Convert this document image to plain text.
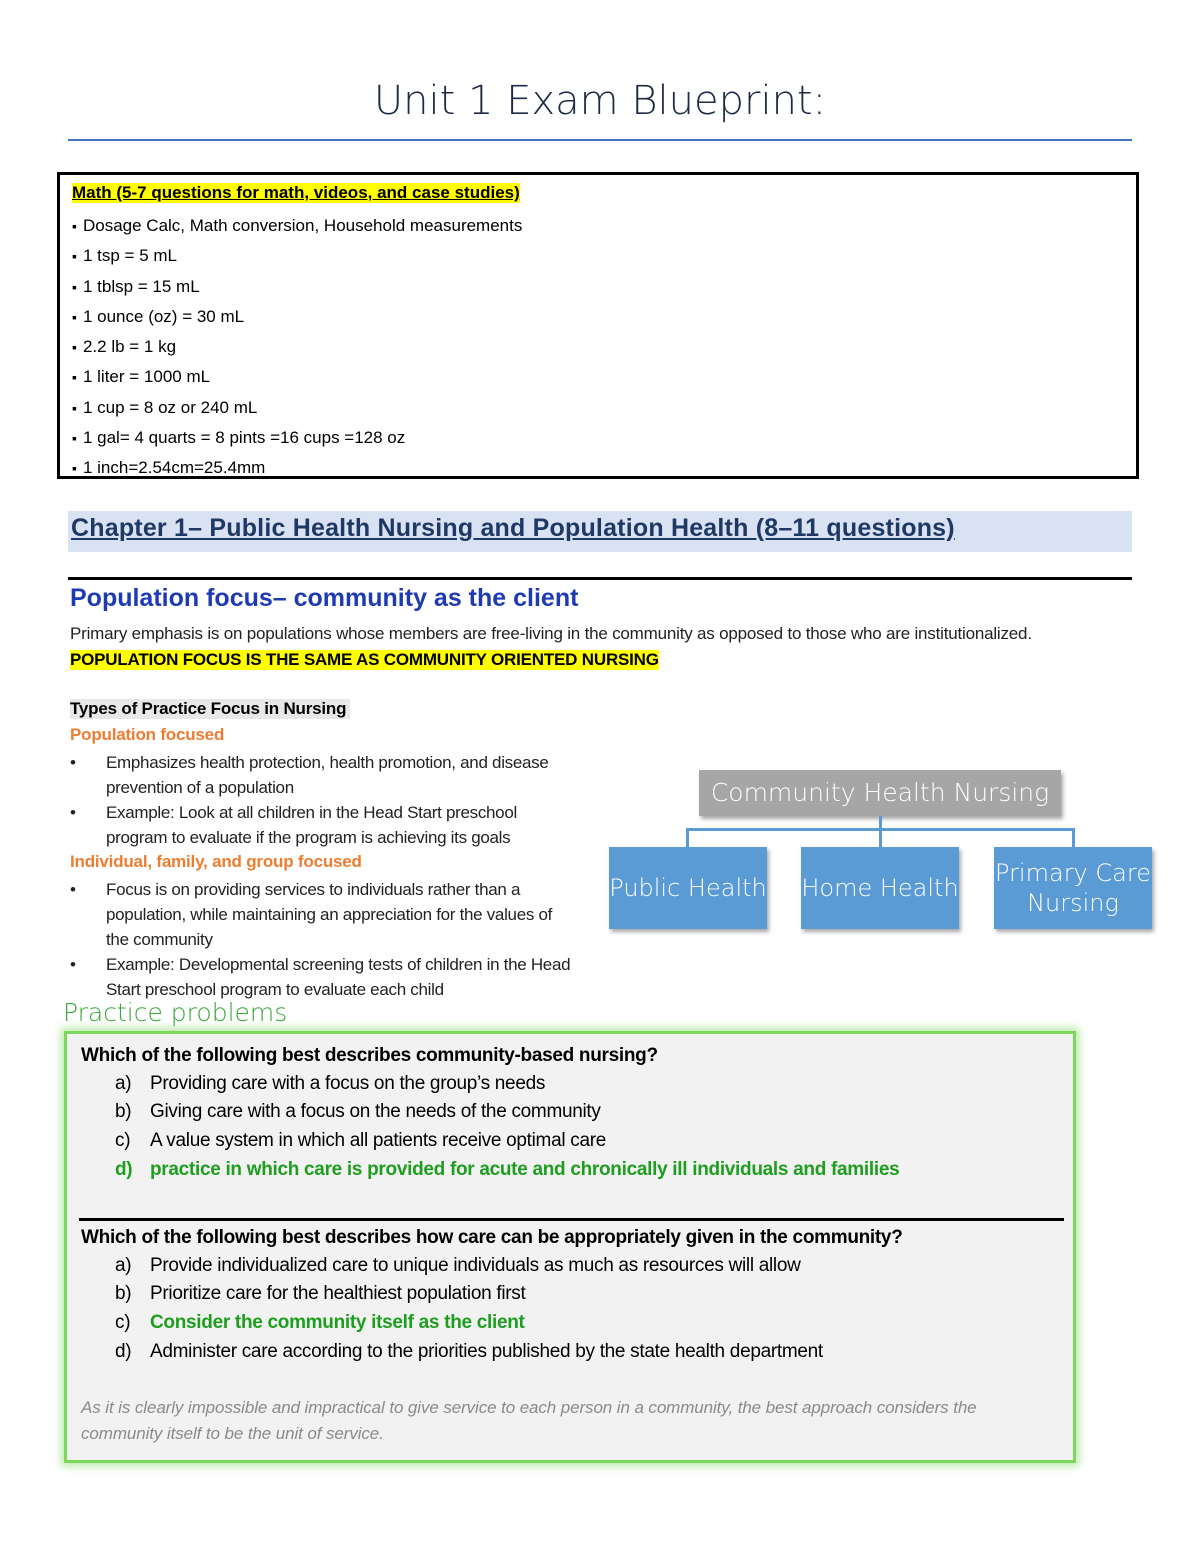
Unit 1 Exam Blueprint:
Math (5-7 questions for math, videos, and case studies)
▪ Dosage Calc, Math conversion, Household measurements
▪ 1 tsp = 5 mL
▪ 1 tblsp = 15 mL
▪ 1 ounce (oz) = 30 mL
▪ 2.2 lb = 1 kg
▪ 1 liter = 1000 mL
▪ 1 cup = 8 oz or 240 mL
▪ 1 gal= 4 quarts = 8 pints =16 cups =128 oz
▪ 1 inch=2.54cm=25.4mm
Chapter 1– Public Health Nursing and Population Health (8–11 questions)
Population focus– community as the client
Primary emphasis is on populations whose members are free-living in the community as opposed to those who are institutionalized.
POPULATION FOCUS IS THE SAME AS COMMUNITY ORIENTED NURSING
Types of Practice Focus in Nursing
Population focused
• Emphasizes health protection, health promotion, and disease prevention of a population
• Example: Look at all children in the Head Start preschool program to evaluate if the program is achieving its goals
Individual, family, and group focused
• Focus is on providing services to individuals rather than a population, while maintaining an appreciation for the values of the community
• Example: Developmental screening tests of children in the Head Start preschool program to evaluate each child
Community Health Nursing
Public Health Home Health
Primary Care Nursing
Practice problems
Which of the following best describes community-based nursing?
a) Providing care with a focus on the group’s needs
b) Giving care with a focus on the needs of the community
c) A value system in which all patients receive optimal care
d) practice in which care is provided for acute and chronically ill individuals and families
Which of the following best describes how care can be appropriately given in the community?
a) Provide individualized care to unique individuals as much as resources will allow
b) Prioritize care for the healthiest population first
c) Consider the community itself as the client
d) Administer care according to the priorities published by the state health department
As it is clearly impossible and impractical to give service to each person in a community, the best approach considers the community itself to be the unit of service.
